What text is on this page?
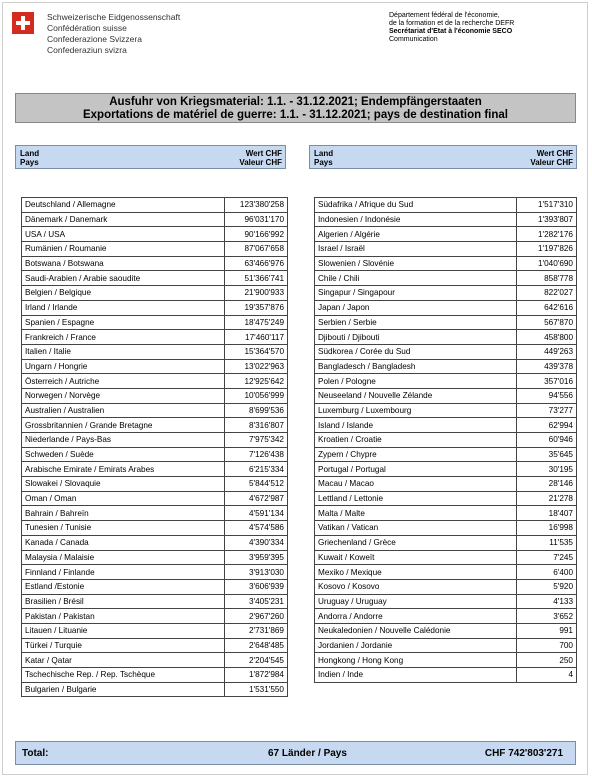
Schweizerische Eidgenossenschaft
Confédération suisse
Confederazione Svizzera
Confederaziun svizra
Département fédéral de l'économie,
de la formation et de la recherche DEFR
Secrétariat d'Etat à l'économie SECO
Communication
Ausfuhr von Kriegsmaterial: 1.1. - 31.12.2021; Endempfängerstaaten
Exportations de matériel de guerre: 1.1. - 31.12.2021; pays de destination final
Land
Pays
Wert CHF
Valeur CHF
Land
Pays
Wert CHF
Valeur CHF
Deutschland / Allemagne	123'380'258
Dänemark / Danemark	96'031'170
USA / USA	90'166'992
Rumänien / Roumanie	87'067'658
Botswana / Botswana	63'466'976
Saudi-Arabien / Arabie saoudite	51'366'741
Belgien / Belgique	21'900'933
Irland / Irlande	19'357'876
Spanien / Espagne	18'475'249
Frankreich / France	17'460'117
Italien / Italie	15'364'570
Ungarn / Hongrie	13'022'963
Österreich / Autriche	12'925'642
Norwegen / Norvège	10'056'999
Australien / Australien	8'699'536
Grossbritannien / Grande Bretagne	8'316'807
Niederlande / Pays-Bas	7'975'342
Schweden / Suède	7'126'438
Arabische Emirate / Emirats Arabes	6'215'334
Slowakei / Slovaquie	5'844'512
Oman / Oman	4'672'987
Bahrain / Bahreïn	4'591'134
Tunesien / Tunisie	4'574'586
Kanada / Canada	4'390'334
Malaysia / Malaisie	3'959'395
Finnland / Finlande	3'913'030
Estland /Estonie	3'606'939
Brasilien / Brésil	3'405'231
Pakistan / Pakistan	2'967'260
Litauen / Lituanie	2'731'869
Türkei / Turquie	2'648'485
Katar / Qatar	2'204'545
Tschechische Rep. / Rep. Tschèque	1'872'984
Bulgarien / Bulgarie	1'531'550
Südafrika / Afrique du Sud	1'517'310
Indonesien / Indonésie	1'393'807
Algerien / Algérie	1'282'176
Israel / Israël	1'197'826
Slowenien / Slovénie	1'040'690
Chile / Chili	858'778
Singapur / Singapour	822'027
Japan / Japon	642'616
Serbien / Serbie	567'870
Djibouti / Djibouti	458'800
Südkorea / Corée du Sud	449'263
Bangladesch / Bangladesh	439'378
Polen / Pologne	357'016
Neuseeland / Nouvelle Zélande	94'556
Luxemburg / Luxembourg	73'277
Island / Islande	62'994
Kroatien / Croatie	60'946
Zypern / Chypre	35'645
Portugal / Portugal	30'195
Macau / Macao	28'146
Lettland / Lettonie	21'278
Malta / Malte	18'407
Vatikan / Vatican	16'998
Griechenland / Grèce	11'535
Kuwait / Koweït	7'245
Mexiko / Mexique	6'400
Kosovo / Kosovo	5'920
Uruguay / Uruguay	4'133
Andorra / Andorre	3'652
Neukaledonien / Nouvelle Calédonie	991
Jordanien / Jordanie	700
Hongkong / Hong Kong	250
Indien / Inde	4
Total:	67 Länder / Pays	CHF 742'803'271
